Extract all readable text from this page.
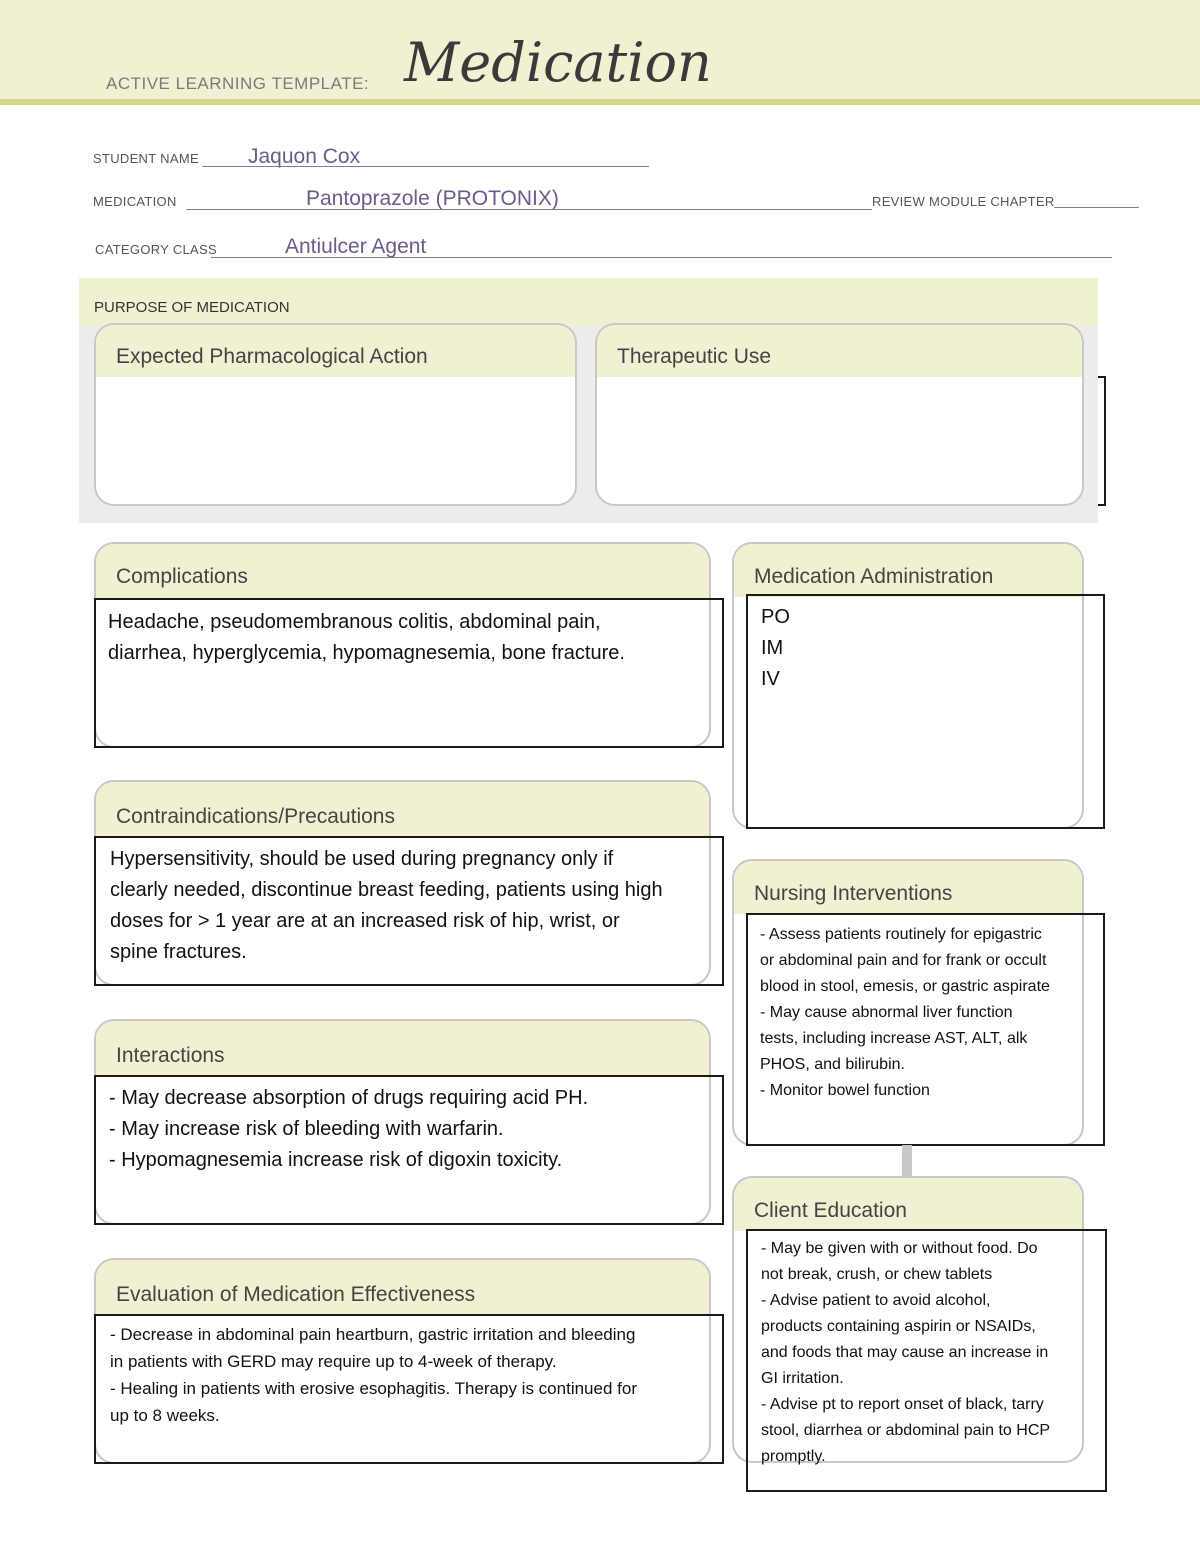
ACTIVE LEARNING TEMPLATE: Medication
STUDENT NAME Jaquon Cox
MEDICATION	Pantoprazole (PROTONIX)	REVIEW MODULE CHAPTER
CATEGORY CLASS	Antiulcer Agent
PURPOSE OF MEDICATION
Expected Pharmacological Action	Therapeutic Use
Complications
Headache, pseudomembranous colitis, abdominal pain,
diarrhea, hyperglycemia, hypomagnesemia, bone fracture.
Medication Administration
PO
IM
IV
Contraindications/Precautions
Hypersensitivity, should be used during pregnancy only if
clearly needed, discontinue breast feeding, patients using high
doses for > 1 year are at an increased risk of hip, wrist, or
spine fractures.
Nursing Interventions
- Assess patients routinely for epigastric
or abdominal pain and for frank or occult
blood in stool, emesis, or gastric aspirate
- May cause abnormal liver function
tests, including increase AST, ALT, alk
PHOS, and bilirubin.
- Monitor bowel function
Interactions
- May decrease absorption of drugs requiring acid PH.
- May increase risk of bleeding with warfarin.
- Hypomagnesemia increase risk of digoxin toxicity.
Client Education
- May be given with or without food. Do
not break, crush, or chew tablets
- Advise patient to avoid alcohol,
products containing aspirin or NSAIDs,
and foods that may cause an increase in
GI irritation.
- Advise pt to report onset of black, tarry
stool, diarrhea or abdominal pain to HCP
promptly.
Evaluation of Medication Effectiveness
- Decrease in abdominal pain heartburn, gastric irritation and bleeding
in patients with GERD may require up to 4-week of therapy.
- Healing in patients with erosive esophagitis. Therapy is continued for
up to 8 weeks.
